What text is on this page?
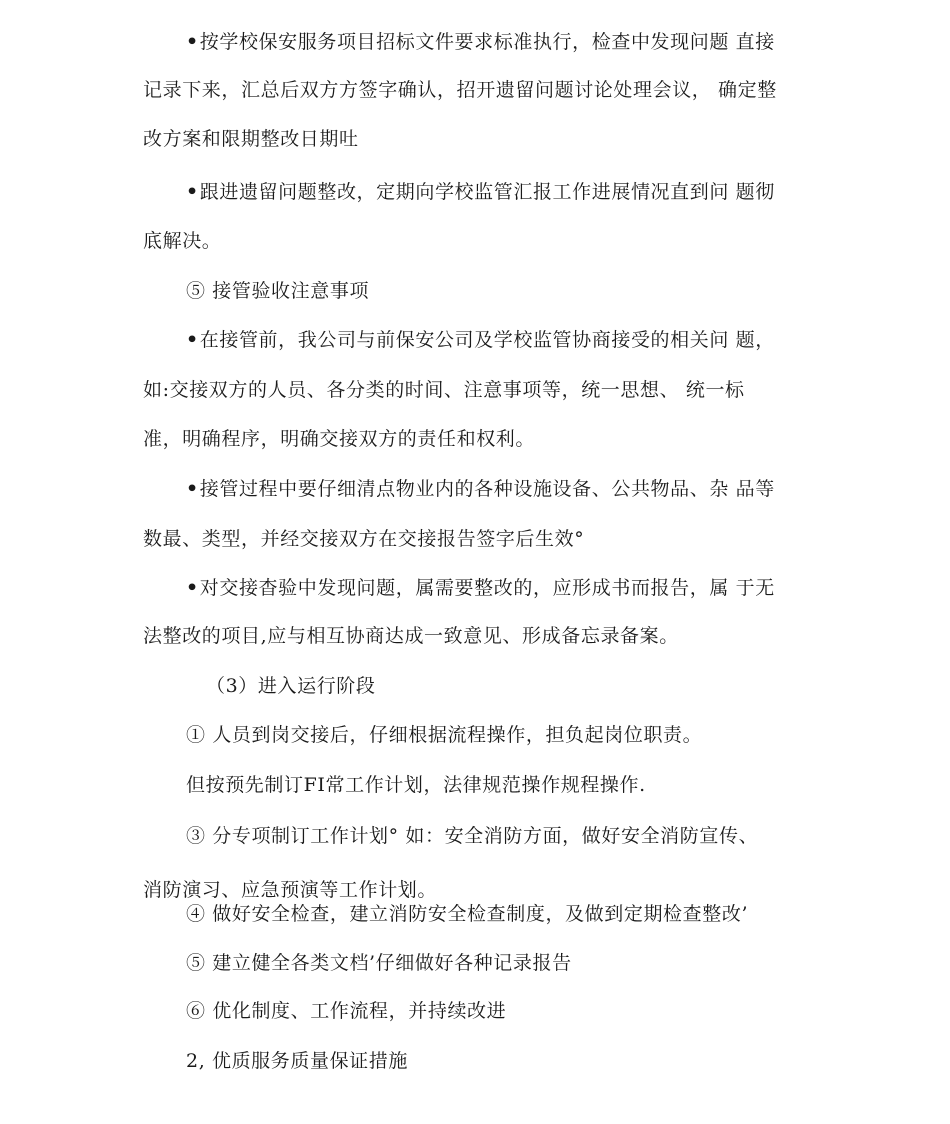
•按学校保安服务项目招标文件要求标准执行，检查中发现问题 直接
记录下来，汇总后双方方签字确认，招开遗留问题讨论处理会议， 确定整
改方案和限期整改日期吐
•跟进遗留问题整改，定期向学校监管汇报工作进展情况直到问 题彻
底解决。
⑤ 接管验收注意事项
•在接管前，我公司与前保安公司及学校监管协商接受的相关问 题，
如:交接双方的人员、各分类的时间、注意事项等，统一思想、 统一标
准，明确程序，明确交接双方的责任和权利。
•接管过程中要仔细清点物业内的各种设施设备、公共物品、杂 品等
数最、类型，并经交接双方在交接报告签字后生效°
•对交接杳验中发现问题，属需要整改的，应形成书而报告，属 于无
法整改的项目,应与相互协商达成一致意见、形成备忘录备案。
（3）进入运行阶段
① 人员到岗交接后，仔细根据流程操作，担负起岗位职责。
但按预先制订FI常工作计划，法律规范操作规程操作.
③ 分专项制订工作计划° 如：安全消防方面，做好安全消防宣传、
消防演习、应急预演等工作计划。
④ 做好安全检查，建立消防安全检查制度，及做到定期检查整改’
⑤ 建立健全各类文档’仔细做好各种记录报告
⑥ 优化制度、工作流程，并持续改进
2, 优质服务质量保证措施
